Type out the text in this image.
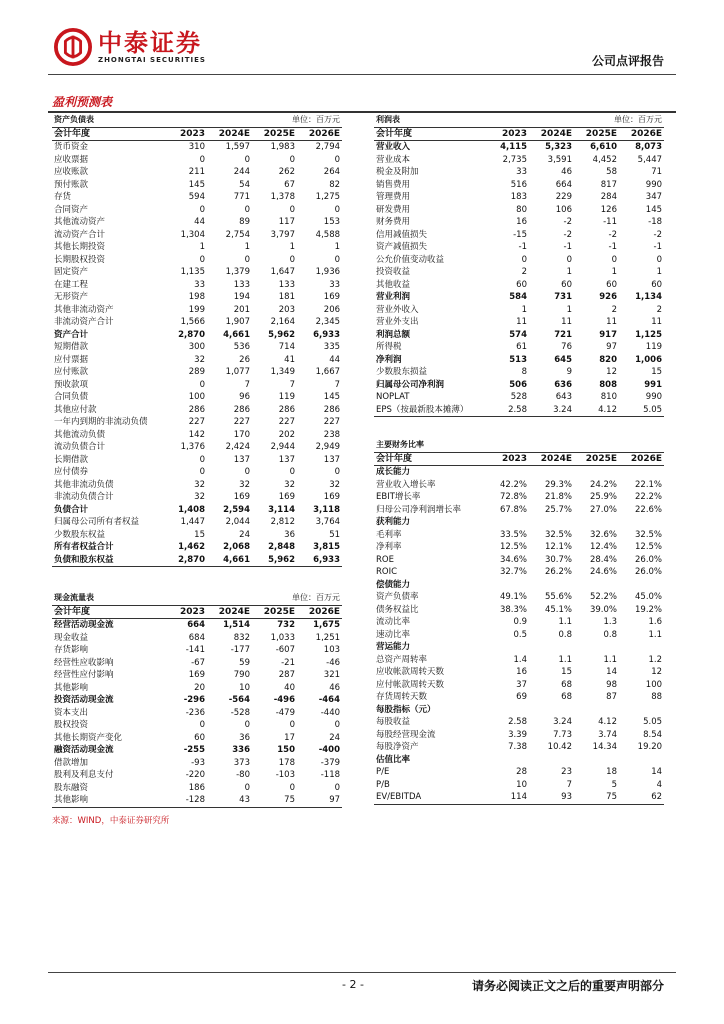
中泰证券
ZHONGTAI SECURITIES	公司点评报告
盈利预测表
资产负债表		单位：百万元		
会计年度	2023	2024E	2025E	2026E
货币资金	310	1,597	1,983	2,794
应收票据	0	0	0	0
应收账款	211	244	262	264
预付账款	145	54	67	82
存货	594	771	1,378	1,275
合同资产	0	0	0	0
其他流动资产	44	89	117	153
流动资产合计	1,304	2,754	3,797	4,588
其他长期投资	1	1	1	1
长期股权投资	0	0	0	0
固定资产	1,135	1,379	1,647	1,936
在建工程	33	133	133	33
无形资产	198	194	181	169
其他非流动资产	199	201	203	206
非流动资产合计	1,566	1,907	2,164	2,345
资产合计	2,870	4,661	5,962	6,933
短期借款	300	536	714	335
应付票据	32	26	41	44
应付账款	289	1,077	1,349	1,667
预收款项	0	7	7	7
合同负债	100	96	119	145
其他应付款	286	286	286	286
一年内到期的非流动负债	227	227	227	227
其他流动负债	142	170	202	238
流动负债合计	1,376	2,424	2,944	2,949
长期借款	0	137	137	137
应付债券	0	0	0	0
其他非流动负债	32	32	32	32
非流动负债合计	32	169	169	169
负债合计	1,408	2,594	3,114	3,118
归属母公司所有者权益	1,447	2,044	2,812	3,764
少数股东权益	15	24	36	51
所有者权益合计	1,462	2,068	2,848	3,815
负债和股东权益	2,870	4,661	5,962	6,933
现金流量表		单位：百万元		
会计年度	2023	2024E	2025E	2026E
经营活动现金流	664	1,514	732	1,675
现金收益	684	832	1,033	1,251
存货影响	-141	-177	-607	103
经营性应收影响	-67	59	-21	-46
经营性应付影响	169	790	287	321
其他影响	20	10	40	46
投资活动现金流	-296	-564	-496	-464
资本支出	-236	-528	-479	-440
股权投资	0	0	0	0
其他长期资产变化	60	36	17	24
融资活动现金流	-255	336	150	-400
借款增加	-93	373	178	-379
股利及利息支付	-220	-80	-103	-118
股东融资	186	0	0	0
其他影响	-128	43	75	97
利润表		单位：百万元		
会计年度	2023	2024E	2025E	2026E
营业收入	4,115	5,323	6,610	8,073
营业成本	2,735	3,591	4,452	5,447
税金及附加	33	46	58	71
销售费用	516	664	817	990
管理费用	183	229	284	347
研发费用	80	106	126	145
财务费用	16	-2	-11	-18
信用减值损失	-15	-2	-2	-2
资产减值损失	-1	-1	-1	-1
公允价值变动收益	0	0	0	0
投资收益	2	1	1	1
其他收益	60	60	60	60
营业利润	584	731	926	1,134
营业外收入	1	1	2	2
营业外支出	11	11	11	11
利润总额	574	721	917	1,125
所得税	61	76	97	119
净利润	513	645	820	1,006
少数股东损益	8	9	12	15
归属母公司净利润	506	636	808	991
NOPLAT	528	643	810	990
EPS（按最新股本摊薄）	2.58	3.24	4.12	5.05
主要财务比率				
会计年度	2023	2024E	2025E	2026E
成长能力				
营业收入增长率	42.2%	29.3%	24.2%	22.1%
EBIT增长率	72.8%	21.8%	25.9%	22.2%
归母公司净利润增长率	67.8%	25.7%	27.0%	22.6%
获利能力				
毛利率	33.5%	32.5%	32.6%	32.5%
净利率	12.5%	12.1%	12.4%	12.5%
ROE	34.6%	30.7%	28.4%	26.0%
ROIC	32.7%	26.2%	24.6%	26.0%
偿债能力				
资产负债率	49.1%	55.6%	52.2%	45.0%
债务权益比	38.3%	45.1%	39.0%	19.2%
流动比率	0.9	1.1	1.3	1.6
速动比率	0.5	0.8	0.8	1.1
营运能力				
总资产周转率	1.4	1.1	1.1	1.2
应收帐款周转天数	16	15	14	12
应付帐款周转天数	37	68	98	100
存货周转天数	69	68	87	88
每股指标（元）				
每股收益	2.58	3.24	4.12	5.05
每股经营现金流	3.39	7.73	3.74	8.54
每股净资产	7.38	10.42	14.34	19.20
估值比率				
P/E	28	23	18	14
P/B	10	7	5	4
EV/EBITDA	114	93	75	62
来源：WIND，中泰证券研究所
- 2 -	请务必阅读正文之后的重要声明部分
